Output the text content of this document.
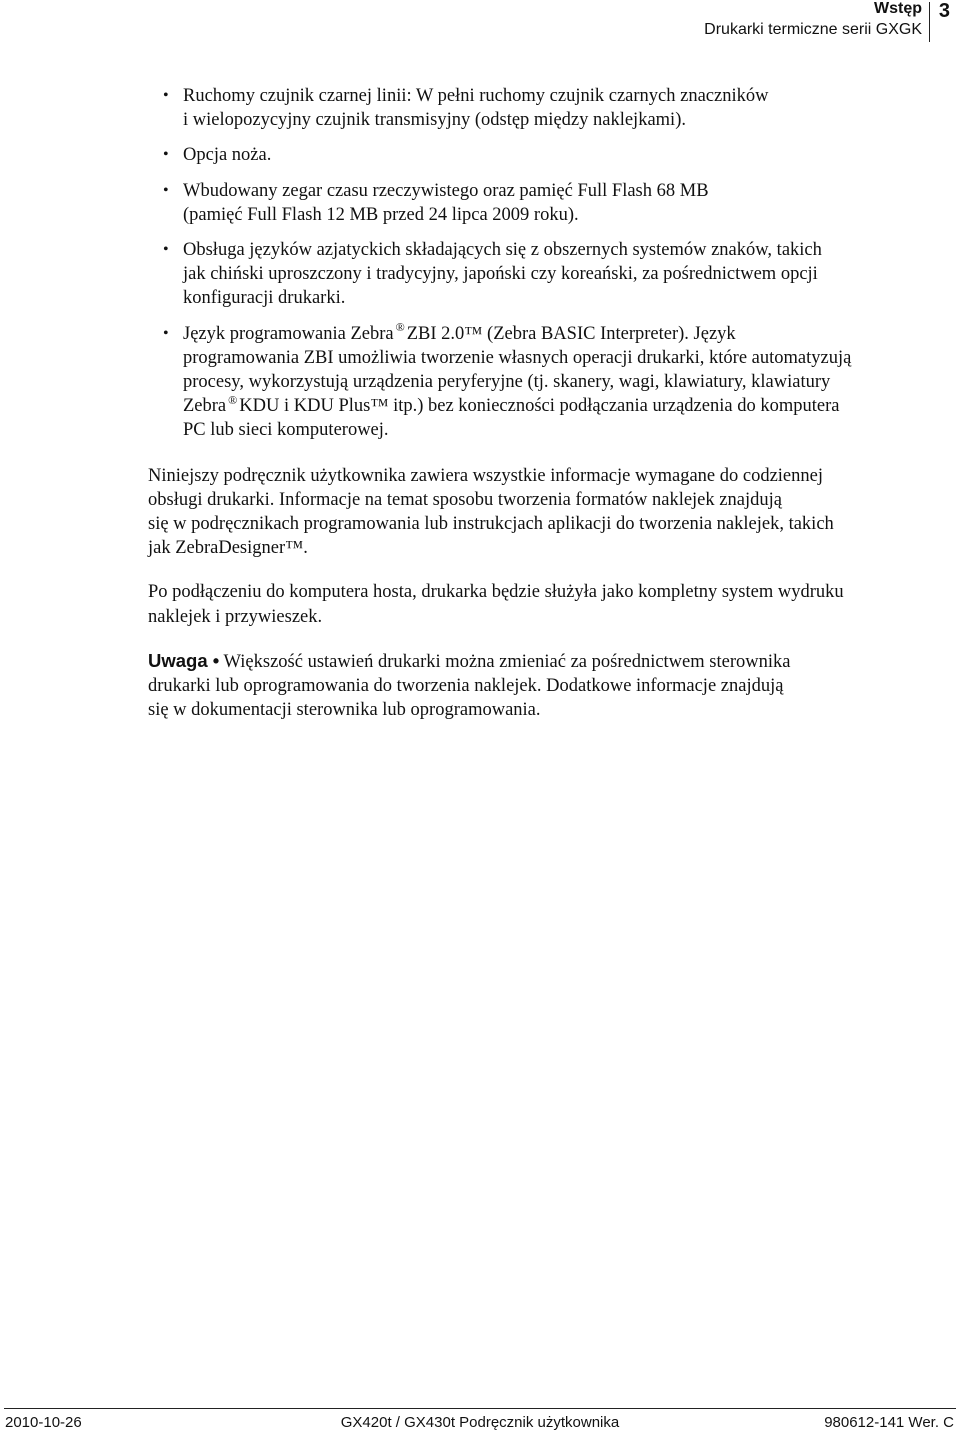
Wstęp
Drukarki termiczne serii GXGK
3
• Ruchomy czujnik czarnej linii: W pełni ruchomy czujnik czarnych znaczników
i wielopozycyjny czujnik transmisyjny (odstęp między naklejkami).
• Opcja noża.
• Wbudowany zegar czasu rzeczywistego oraz pamięć Full Flash 68 MB
(pamięć Full Flash 12 MB przed 24 lipca 2009 roku).
• Obsługa języków azjatyckich składających się z obszernych systemów znaków, takich
jak chiński uproszczony i tradycyjny, japoński czy koreański, za pośrednictwem opcji
konfiguracji drukarki.
• Język programowania Zebra ® ZBI 2.0™ (Zebra BASIC Interpreter). Język
programowania ZBI umożliwia tworzenie własnych operacji drukarki, które automatyzują
procesy, wykorzystują urządzenia peryferyjne (tj. skanery, wagi, klawiatury, klawiatury
Zebra ® KDU i KDU Plus™ itp.) bez konieczności podłączania urządzenia do komputera
PC lub sieci komputerowej.

Niniejszy podręcznik użytkownika zawiera wszystkie informacje wymagane do codziennej
obsługi drukarki. Informacje na temat sposobu tworzenia formatów naklejek znajdują
się w podręcznikach programowania lub instrukcjach aplikacji do tworzenia naklejek, takich
jak ZebraDesigner™.

Po podłączeniu do komputera hosta, drukarka będzie służyła jako kompletny system wydruku
naklejek i przywieszek.

Uwaga • Większość ustawień drukarki można zmieniać za pośrednictwem sterownika
drukarki lub oprogramowania do tworzenia naklejek. Dodatkowe informacje znajdują
się w dokumentacji sterownika lub oprogramowania.

2010-10-26	GX420t / GX430t Podręcznik użytkownika	980612-141 Wer. C
